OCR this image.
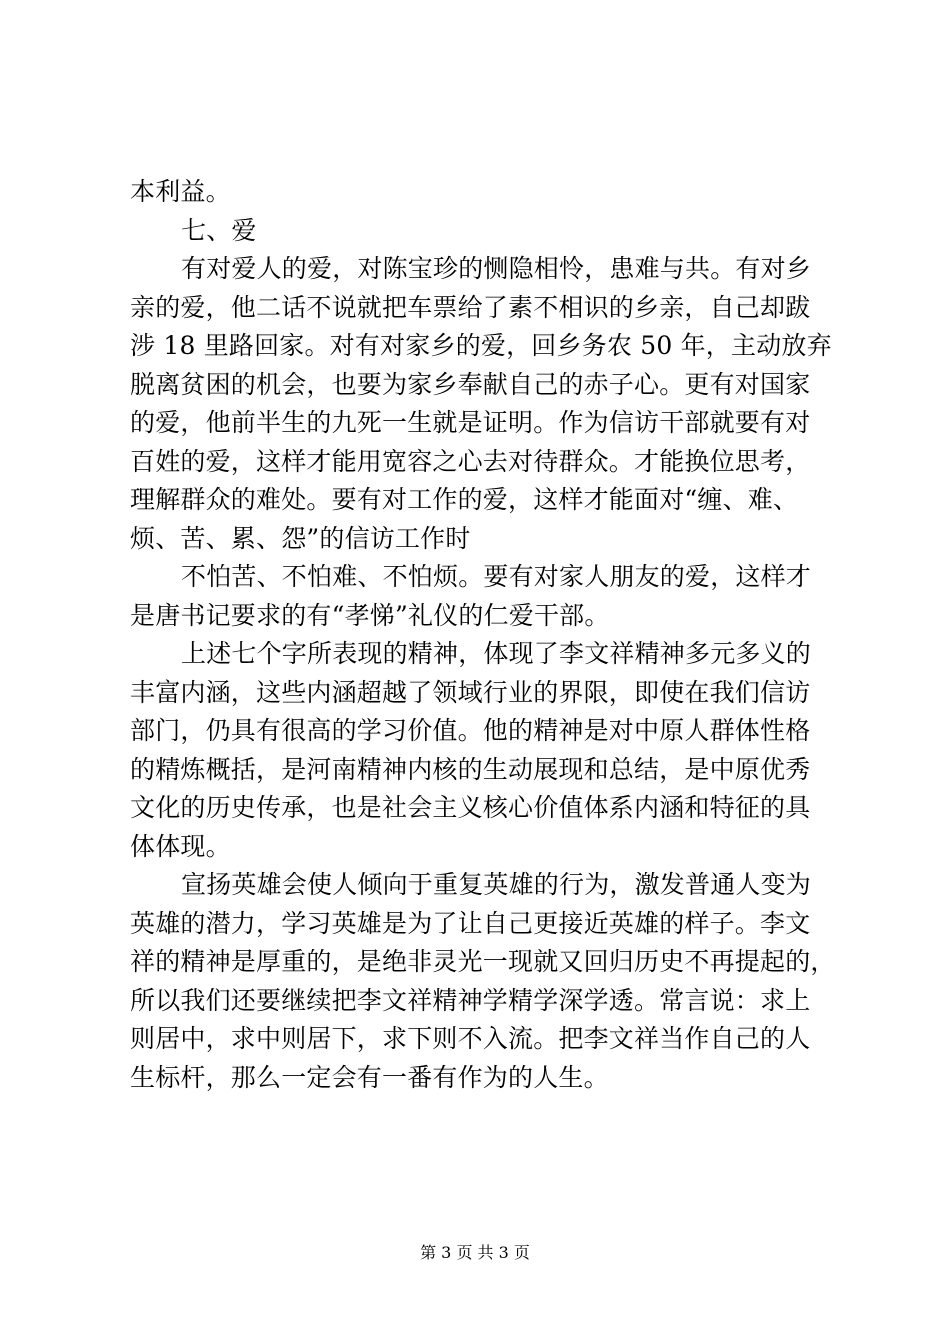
本利益。
七、爱
有对爱人的爱，对陈宝珍的恻隐相怜，患难与共。有对乡
亲的爱，他二话不说就把车票给了素不相识的乡亲，自己却跋
涉 18 里路回家。对有对家乡的爱，回乡务农 50 年，主动放弃
脱离贫困的机会，也要为家乡奉献自己的赤子心。更有对国家
的爱，他前半生的九死一生就是证明。作为信访干部就要有对
百姓的爱，这样才能用宽容之心去对待群众。才能换位思考，
理解群众的难处。要有对工作的爱，这样才能面对“缠、难、
烦、苦、累、怨”的信访工作时
不怕苦、不怕难、不怕烦。要有对家人朋友的爱，这样才
是唐书记要求的有“孝悌”礼仪的仁爱干部。
上述七个字所表现的精神，体现了李文祥精神多元多义的
丰富内涵，这些内涵超越了领域行业的界限，即使在我们信访
部门，仍具有很高的学习价值。他的精神是对中原人群体性格
的精炼概括，是河南精神内核的生动展现和总结，是中原优秀
文化的历史传承，也是社会主义核心价值体系内涵和特征的具
体体现。
宣扬英雄会使人倾向于重复英雄的行为，激发普通人变为
英雄的潜力，学习英雄是为了让自己更接近英雄的样子。李文
祥的精神是厚重的，是绝非灵光一现就又回归历史不再提起的，
所以我们还要继续把李文祥精神学精学深学透。常言说：求上
则居中，求中则居下，求下则不入流。把李文祥当作自己的人
生标杆，那么一定会有一番有作为的人生。
第 3 页 共 3 页
